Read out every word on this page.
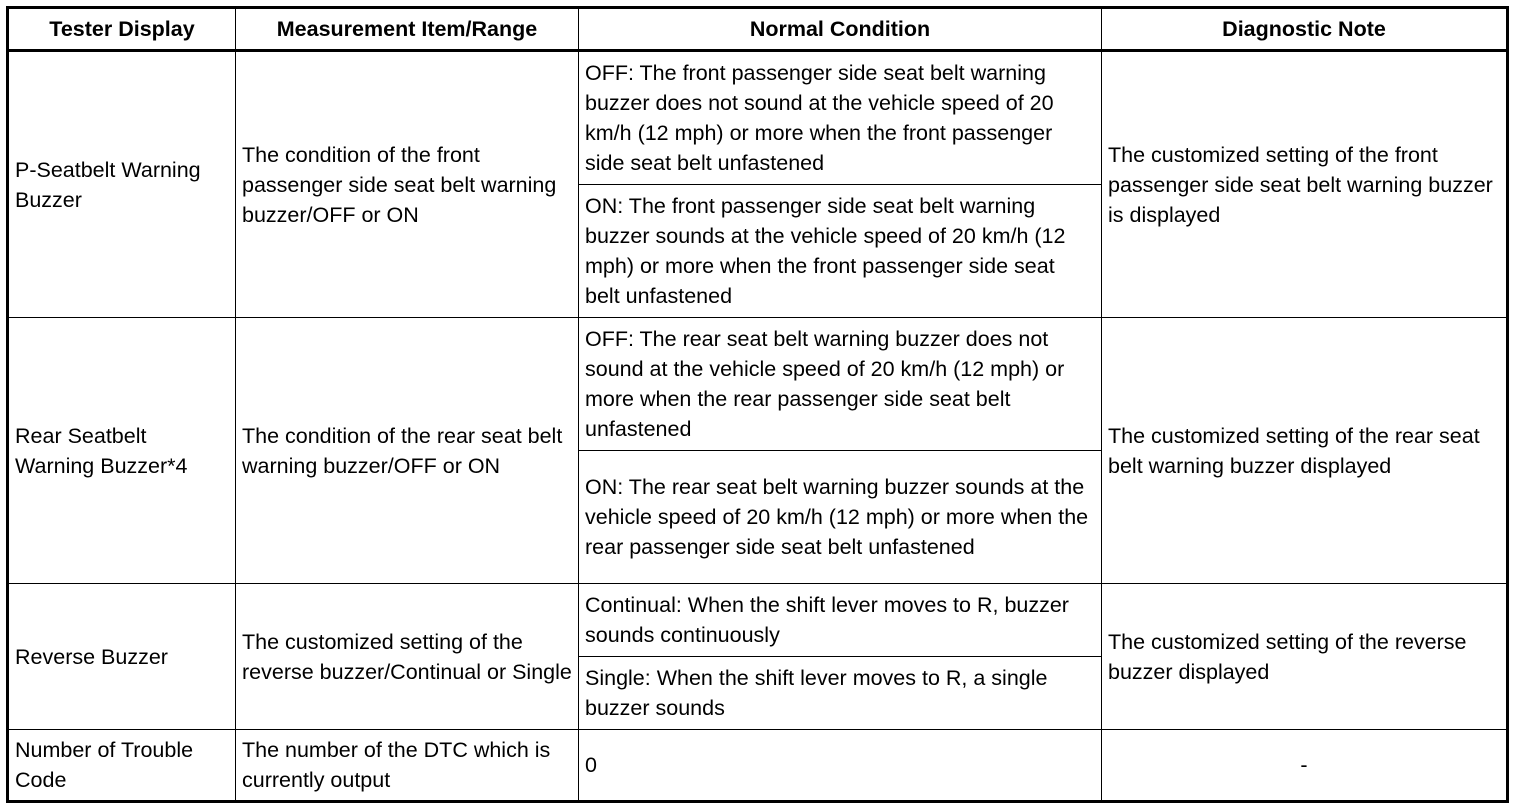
Tester Display	Measurement Item/Range	Normal Condition	Diagnostic Note
P-Seatbelt Warning Buzzer	The condition of the front passenger side seat belt warning buzzer/OFF or ON	OFF: The front passenger side seat belt warning buzzer does not sound at the vehicle speed of 20 km/h (12 mph) or more when the front passenger side seat belt unfastened	The customized setting of the front passenger side seat belt warning buzzer is displayed
		ON: The front passenger side seat belt warning buzzer sounds at the vehicle speed of 20 km/h (12 mph) or more when the front passenger side seat belt unfastened	
Rear Seatbelt Warning Buzzer*4	The condition of the rear seat belt warning buzzer/OFF or ON	OFF: The rear seat belt warning buzzer does not sound at the vehicle speed of 20 km/h (12 mph) or more when the rear passenger side seat belt unfastened	The customized setting of the rear seat belt warning buzzer displayed
		ON: The rear seat belt warning buzzer sounds at the vehicle speed of 20 km/h (12 mph) or more when the rear passenger side seat belt unfastened	
Reverse Buzzer	The customized setting of the reverse buzzer/Continual or Single	Continual: When the shift lever moves to R, buzzer sounds continuously	The customized setting of the reverse buzzer displayed
		Single: When the shift lever moves to R, a single buzzer sounds	
Number of Trouble Code	The number of the DTC which is currently output	0	-
